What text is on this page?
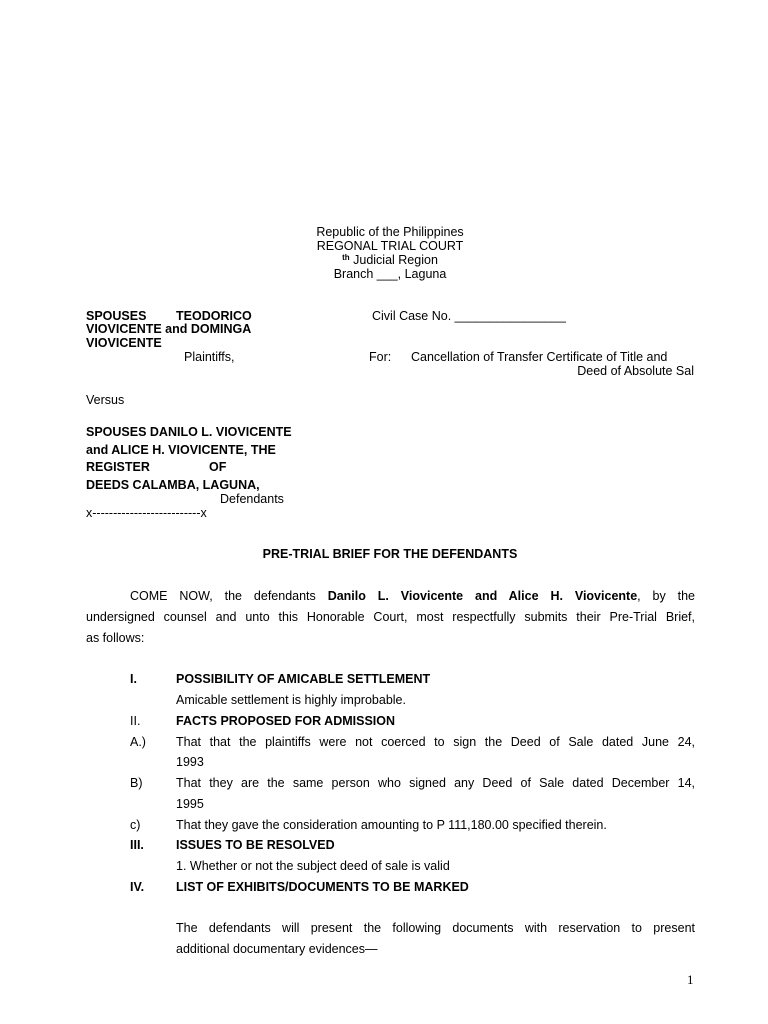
Republic of the Philippines
REGONAL TRIAL COURT
$^{th}$ Judicial Region
Branch ___, Laguna
SPOUSES TEODORICO
VIOVICENTE and DOMINGA
VIOVICENTE
Plaintiffs,
Civil Case No. ________________
For: Cancellation of Transfer Certificate of Title and
Deed of Absolute Sal
Versus
SPOUSES DANILO L. VIOVICENTE
and ALICE H. VIOVICENTE, THE
REGISTER	OF
DEEDS CALAMBA, LAGUNA,
Defendants
x--------------------------x
PRE-TRIAL BRIEF FOR THE DEFENDANTS
COME NOW, the defendants Danilo L. Viovicente and Alice H. Viovicente, by the
undersigned counsel and unto this Honorable Court, most respectfully submits their Pre-Trial Brief,
as follows:
I.	POSSIBILITY OF AMICABLE SETTLEMENT
Amicable settlement is highly improbable.
II.	FACTS PROPOSED FOR ADMISSION
A.) That that the plaintiffs were not coerced to sign the Deed of Sale dated June 24,
1993
B)	That they are the same person who signed any Deed of Sale dated December 14,
1995
c)	That they gave the consideration amounting to P 111,180.00 specified therein.
III.	ISSUES TO BE RESOLVED
1. Whether or not the subject deed of sale is valid
IV.	LIST OF EXHIBITS/DOCUMENTS TO BE MARKED
The defendants will present the following documents with reservation to present
additional documentary evidences—
1
